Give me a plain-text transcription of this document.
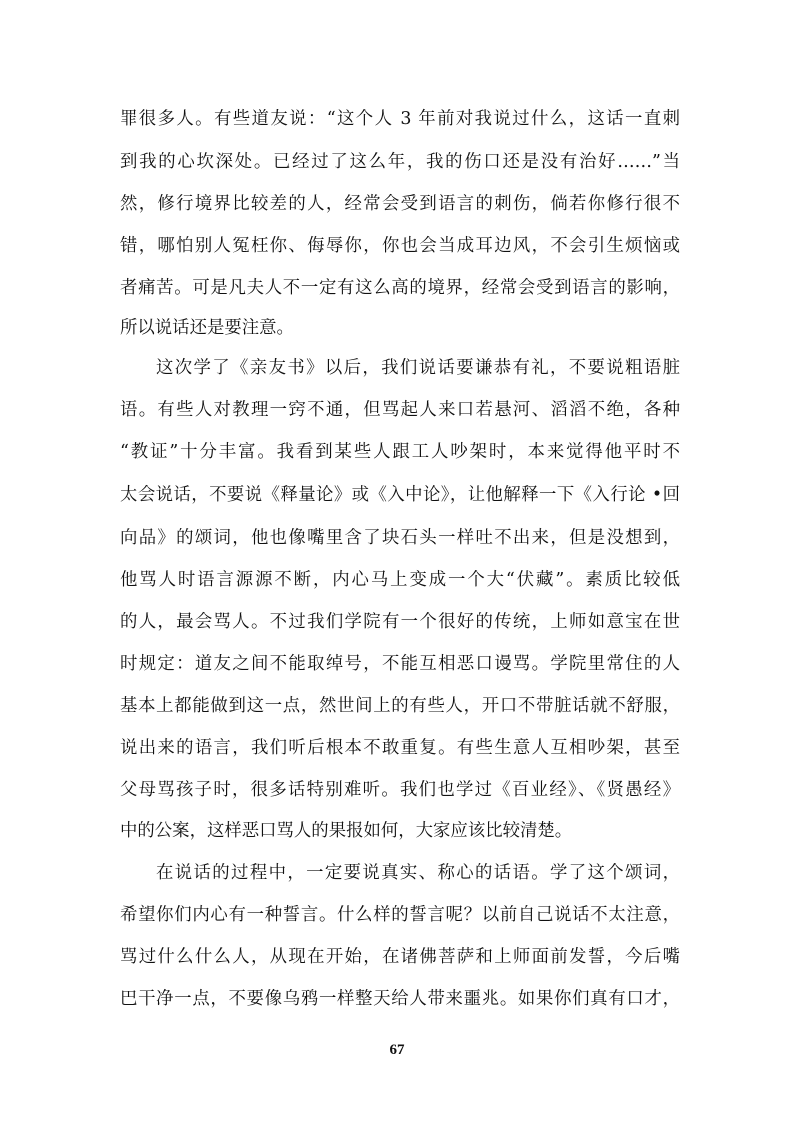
罪很多人。有些道友说：“这个人 3 年前对我说过什么，这话一直刺
到我的心坎深处。已经过了这么年，我的伤口还是没有治好……”当
然，修行境界比较差的人，经常会受到语言的刺伤，倘若你修行很不
错，哪怕别人冤枉你、侮辱你，你也会当成耳边风，不会引生烦恼或
者痛苦。可是凡夫人不一定有这么高的境界，经常会受到语言的影响，
所以说话还是要注意。
这次学了《亲友书》以后，我们说话要谦恭有礼，不要说粗语脏
语。有些人对教理一窍不通，但骂起人来口若悬河、滔滔不绝，各种
“教证”十分丰富。我看到某些人跟工人吵架时，本来觉得他平时不
太会说话，不要说《释量论》或《入中论》，让他解释一下《入行论 •回
向品》的颂词，他也像嘴里含了块石头一样吐不出来，但是没想到，
他骂人时语言源源不断，内心马上变成一个大“伏藏”。素质比较低
的人，最会骂人。不过我们学院有一个很好的传统，上师如意宝在世
时规定：道友之间不能取绰号，不能互相恶口谩骂。学院里常住的人
基本上都能做到这一点，然世间上的有些人，开口不带脏话就不舒服，
说出来的语言，我们听后根本不敢重复。有些生意人互相吵架，甚至
父母骂孩子时，很多话特别难听。我们也学过《百业经》、《贤愚经》
中的公案，这样恶口骂人的果报如何，大家应该比较清楚。
在说话的过程中，一定要说真实、称心的话语。学了这个颂词，
希望你们内心有一种誓言。什么样的誓言呢？以前自己说话不太注意，
骂过什么什么人，从现在开始，在诸佛菩萨和上师面前发誓，今后嘴
巴干净一点，不要像乌鸦一样整天给人带来噩兆。如果你们真有口才，
67
